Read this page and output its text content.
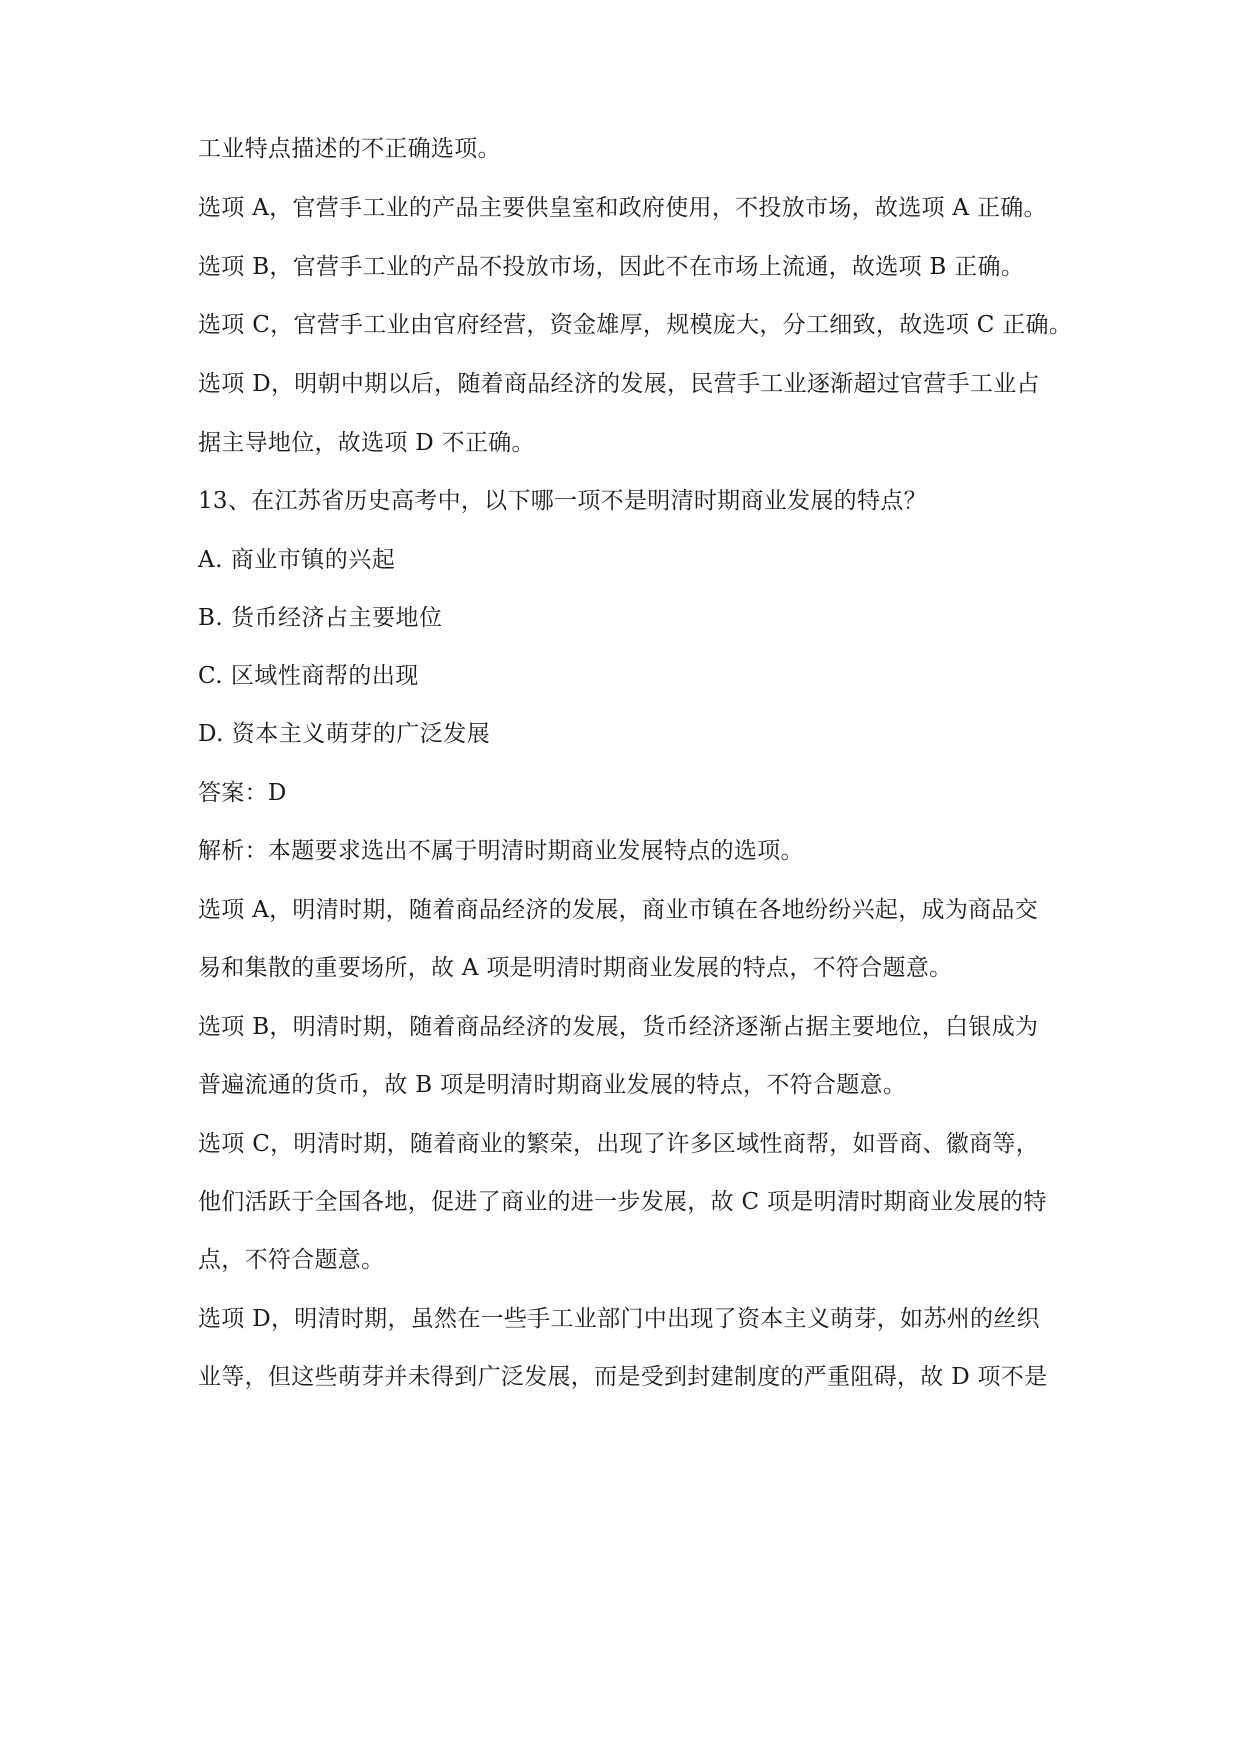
工业特点描述的不正确选项。
选项 A，官营手工业的产品主要供皇室和政府使用，不投放市场，故选项 A 正确。
选项 B，官营手工业的产品不投放市场，因此不在市场上流通，故选项 B 正确。
选项 C，官营手工业由官府经营，资金雄厚，规模庞大，分工细致，故选项 C 正确。
选项 D，明朝中期以后，随着商品经济的发展，民营手工业逐渐超过官营手工业占
据主导地位，故选项 D 不正确。
13、在江苏省历史高考中，以下哪一项不是明清时期商业发展的特点？
A. 商业市镇的兴起
B. 货币经济占主要地位
C. 区域性商帮的出现
D. 资本主义萌芽的广泛发展
答案：D
解析：本题要求选出不属于明清时期商业发展特点的选项。
选项 A，明清时期，随着商品经济的发展，商业市镇在各地纷纷兴起，成为商品交
易和集散的重要场所，故 A 项是明清时期商业发展的特点，不符合题意。
选项 B，明清时期，随着商品经济的发展，货币经济逐渐占据主要地位，白银成为
普遍流通的货币，故 B 项是明清时期商业发展的特点，不符合题意。
选项 C，明清时期，随着商业的繁荣，出现了许多区域性商帮，如晋商、徽商等，
他们活跃于全国各地，促进了商业的进一步发展，故 C 项是明清时期商业发展的特
点，不符合题意。
选项 D，明清时期，虽然在一些手工业部门中出现了资本主义萌芽，如苏州的丝织
业等，但这些萌芽并未得到广泛发展，而是受到封建制度的严重阻碍，故 D 项不是
